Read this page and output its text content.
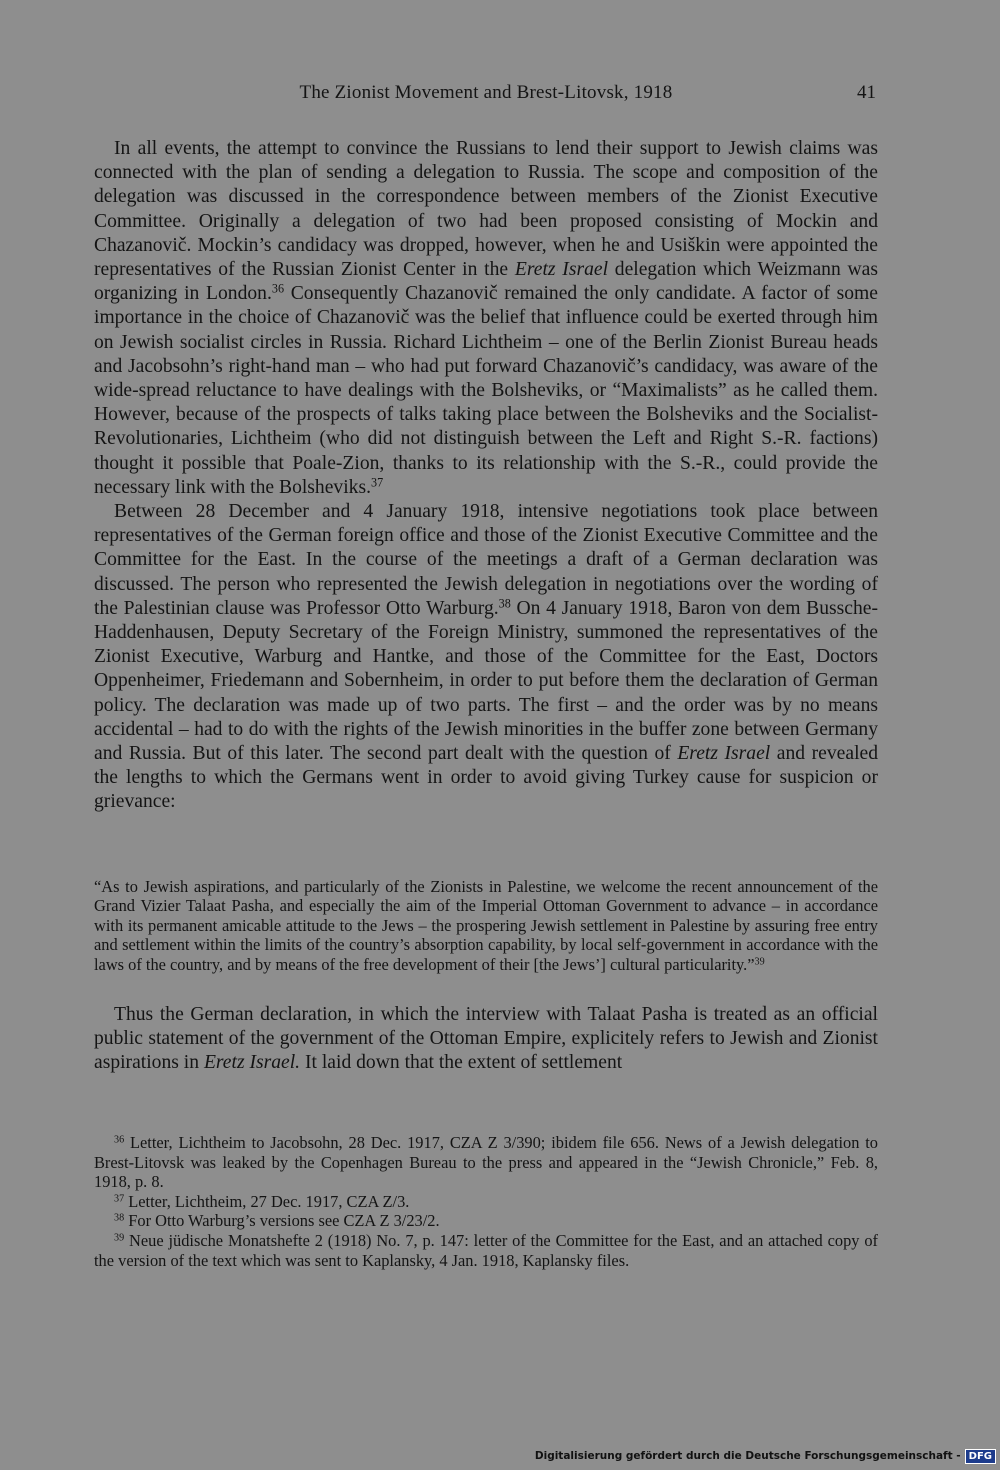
The Zionist Movement and Brest-Litovsk, 1918	41

In all events, the attempt to convince the Russians to lend their support to Jewish claims was connected with the plan of sending a delegation to Russia. The scope and composition of the delegation was discussed in the correspondence between members of the Zionist Executive Committee. Originally a delegation of two had been proposed consisting of Mockin and Chazanovič. Mockin’s candidacy was dropped, however, when he and Usiškin were appointed the representatives of the Russian Zionist Center in the Eretz Israel delegation which Weizmann was organizing in London.$^{36}$ Consequently Chazanovič remained the only candidate. A factor of some importance in the choice of Chazanovič was the belief that influence could be exerted through him on Jewish socialist circles in Russia. Richard Lichtheim – one of the Berlin Zionist Bureau heads and Jacobsohn’s right-hand man – who had put forward Chazanovič’s candidacy, was aware of the wide-spread reluctance to have dealings with the Bolsheviks, or “Maximalists” as he called them. However, because of the prospects of talks taking place between the Bolsheviks and the Socialist-Revolutionaries, Lichtheim (who did not distinguish between the Left and Right S.-R. factions) thought it possible that Poale-Zion, thanks to its relationship with the S.-R., could provide the necessary link with the Bolsheviks.$^{37}$

Between 28 December and 4 January 1918, intensive negotiations took place between representatives of the German foreign office and those of the Zionist Executive Committee and the Committee for the East. In the course of the meetings a draft of a German declaration was discussed. The person who represented the Jewish delegation in negotiations over the wording of the Palestinian clause was Professor Otto Warburg.$^{38}$ On 4 January 1918, Baron von dem Bussche-Haddenhausen, Deputy Secretary of the Foreign Ministry, summoned the representatives of the Zionist Executive, Warburg and Hantke, and those of the Committee for the East, Doctors Oppenheimer, Friedemann and Sobernheim, in order to put before them the declaration of German policy. The declaration was made up of two parts. The first – and the order was by no means accidental – had to do with the rights of the Jewish minorities in the buffer zone between Germany and Russia. But of this later. The second part dealt with the question of Eretz Israel and revealed the lengths to which the Germans went in order to avoid giving Turkey cause for suspicion or grievance:

“As to Jewish aspirations, and particularly of the Zionists in Palestine, we welcome the recent announcement of the Grand Vizier Talaat Pasha, and especially the aim of the Imperial Ottoman Government to advance – in accordance with its permanent amicable attitude to the Jews – the prospering Jewish settlement in Palestine by assuring free entry and settlement within the limits of the country’s absorption capability, by local self-government in accordance with the laws of the country, and by means of the free development of their [the Jews’] cultural particularity.”$^{39}$

Thus the German declaration, in which the interview with Talaat Pasha is treated as an official public statement of the government of the Ottoman Empire, explicitely refers to Jewish and Zionist aspirations in Eretz Israel. It laid down that the extent of settlement

$^{36}$ Letter, Lichtheim to Jacobsohn, 28 Dec. 1917, CZA Z 3/390; ibidem file 656. News of a Jewish delegation to Brest-Litovsk was leaked by the Copenhagen Bureau to the press and appeared in the “Jewish Chronicle,” Feb. 8, 1918, p. 8.

$^{37}$ Letter, Lichtheim, 27 Dec. 1917, CZA Z/3.

$^{38}$ For Otto Warburg’s versions see CZA Z 3/23/2.

$^{39}$ Neue jüdische Monatshefte 2 (1918) No. 7, p. 147: letter of the Committee for the East, and an attached copy of the version of the text which was sent to Kaplansky, 4 Jan. 1918, Kaplansky files.

Digitalisierung gefördert durch die Deutsche Forschungsgemeinschaft - DFG
